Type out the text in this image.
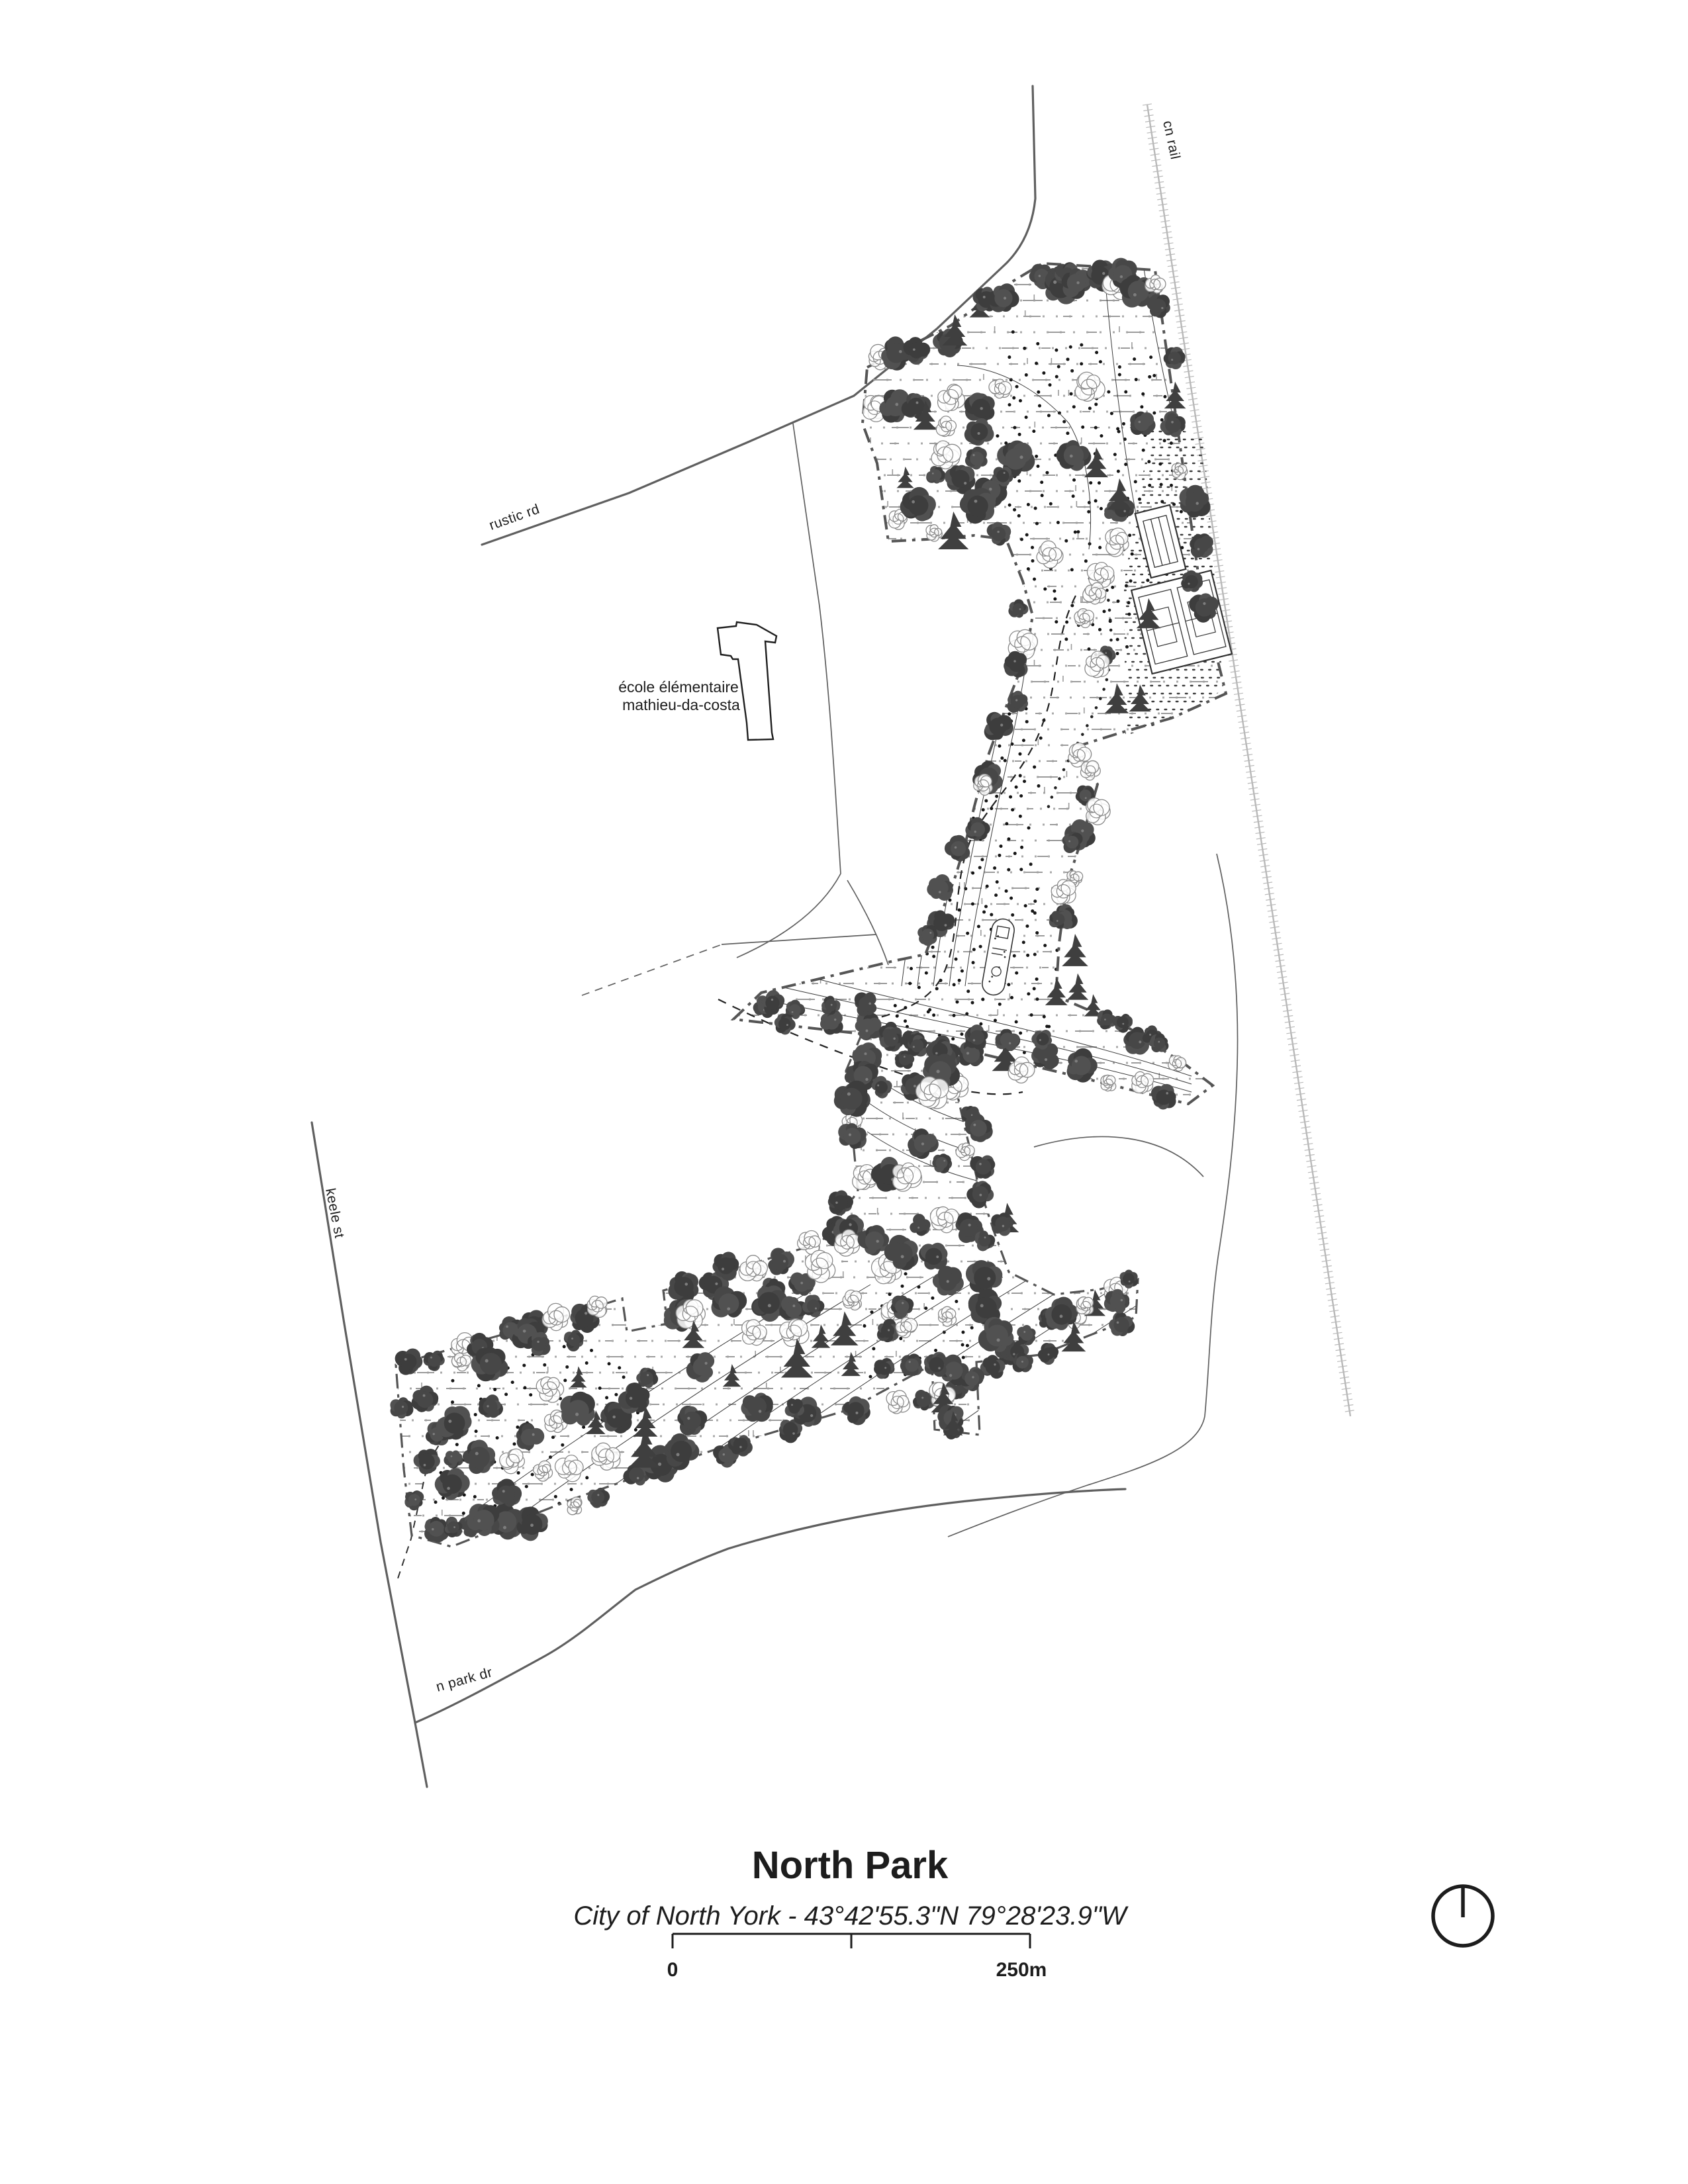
cn rail
rustic rd
keele st
n park dr
école élémentaire
mathieu-da-costa
North Park
City of North York - 43°42'55.3"N 79°28'23.9"W
0	250m
